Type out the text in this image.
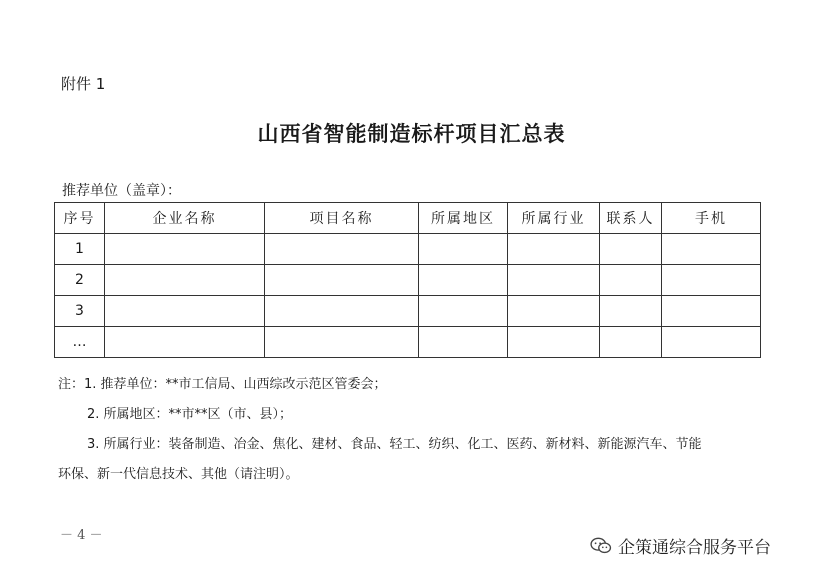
附件 1
山西省智能制造标杆项目汇总表
推荐单位（盖章）：
序号	企业名称	项目名称	所属地区	所属行业	联系人	手机
1						
2						
3						
…						
注：1. 推荐单位：**市工信局、山西综改示范区管委会；
2. 所属地区：**市**区（市、县）；
3. 所属行业：装备制造、冶金、焦化、建材、食品、轻工、纺织、化工、医药、新材料、新能源汽车、节能
环保、新一代信息技术、其他（请注明）。
－ 4 －
企策通综合服务平台
